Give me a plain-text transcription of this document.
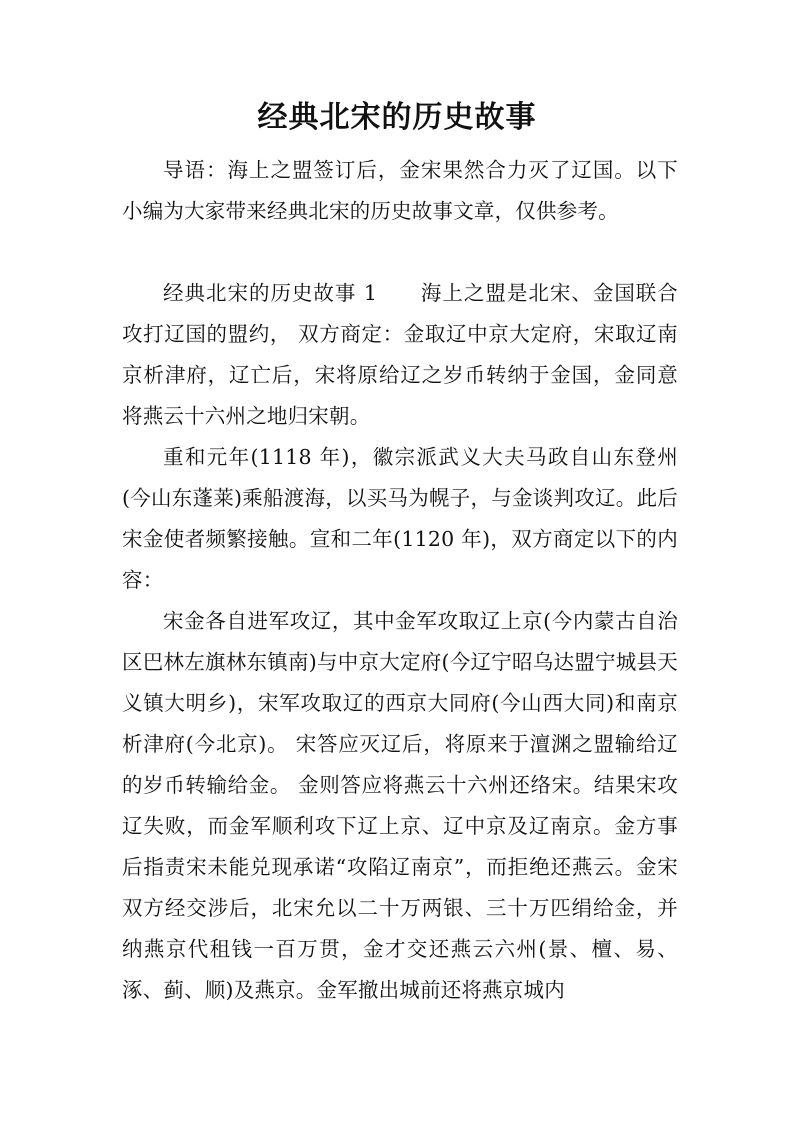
经典北宋的历史故事

导语：海上之盟签订后，金宋果然合力灭了辽国。以下小编为大家带来经典北宋的历史故事文章，仅供参考。

经典北宋的历史故事 1　　海上之盟是北宋、金国联合攻打辽国的盟约， 双方商定：金取辽中京大定府，宋取辽南京析津府，辽亡后，宋将原给辽之岁币转纳于金国，金同意将燕云十六州之地归宋朝。

重和元年(1118 年)，徽宗派武义大夫马政自山东登州(今山东蓬莱)乘船渡海，以买马为幌子，与金谈判攻辽。此后宋金使者频繁接触。宣和二年(1120 年)，双方商定以下的内容：

宋金各自进军攻辽，其中金军攻取辽上京(今内蒙古自治区巴林左旗林东镇南)与中京大定府(今辽宁昭乌达盟宁城县天义镇大明乡)，宋军攻取辽的西京大同府(今山西大同)和南京析津府(今北京)。 宋答应灭辽后，将原来于澶渊之盟输给辽的岁币转输给金。 金则答应将燕云十六州还络宋。结果宋攻辽失败，而金军顺利攻下辽上京、辽中京及辽南京。金方事后指责宋未能兑现承诺“攻陷辽南京”，而拒绝还燕云。金宋双方经交涉后，北宋允以二十万两银、三十万匹绢给金，并纳燕京代租钱一百万贯，金才交还燕云六州(景、檀、易、涿、蓟、顺)及燕京。金军撤出城前还将燕京城内
